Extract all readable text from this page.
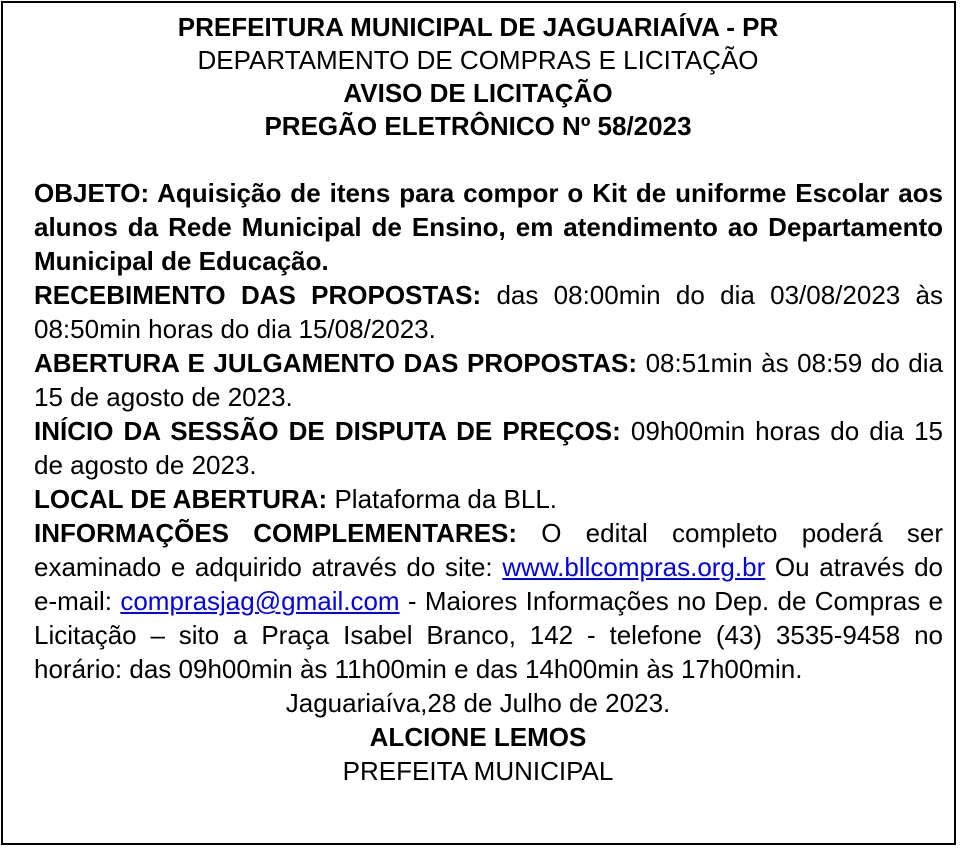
PREFEITURA MUNICIPAL DE JAGUARIAÍVA - PR
DEPARTAMENTO DE COMPRAS E LICITAÇÃO
AVISO DE LICITAÇÃO
PREGÃO ELETRÔNICO Nº 58/2023

OBJETO: Aquisição de itens para compor o Kit de uniforme Escolar aos alunos da Rede Municipal de Ensino, em atendimento ao Departamento Municipal de Educação.

RECEBIMENTO DAS PROPOSTAS: das 08:00min do dia 03/08/2023 às 08:50min horas do dia 15/08/2023.

ABERTURA E JULGAMENTO DAS PROPOSTAS: 08:51min às 08:59 do dia 15 de agosto de 2023.

INÍCIO DA SESSÃO DE DISPUTA DE PREÇOS: 09h00min horas do dia 15 de agosto de 2023.

LOCAL DE ABERTURA: Plataforma da BLL.

INFORMAÇÕES COMPLEMENTARES: O edital completo poderá ser examinado e adquirido através do site: www.bllcompras.org.br Ou através do e-mail: comprasjag@gmail.com - Maiores Informações no Dep. de Compras e Licitação – sito a Praça Isabel Branco, 142 - telefone (43) 3535-9458 no horário: das 09h00min às 11h00min e das 14h00min às 17h00min.

Jaguariaíva,28 de Julho de 2023.
ALCIONE LEMOS
PREFEITA MUNICIPAL
